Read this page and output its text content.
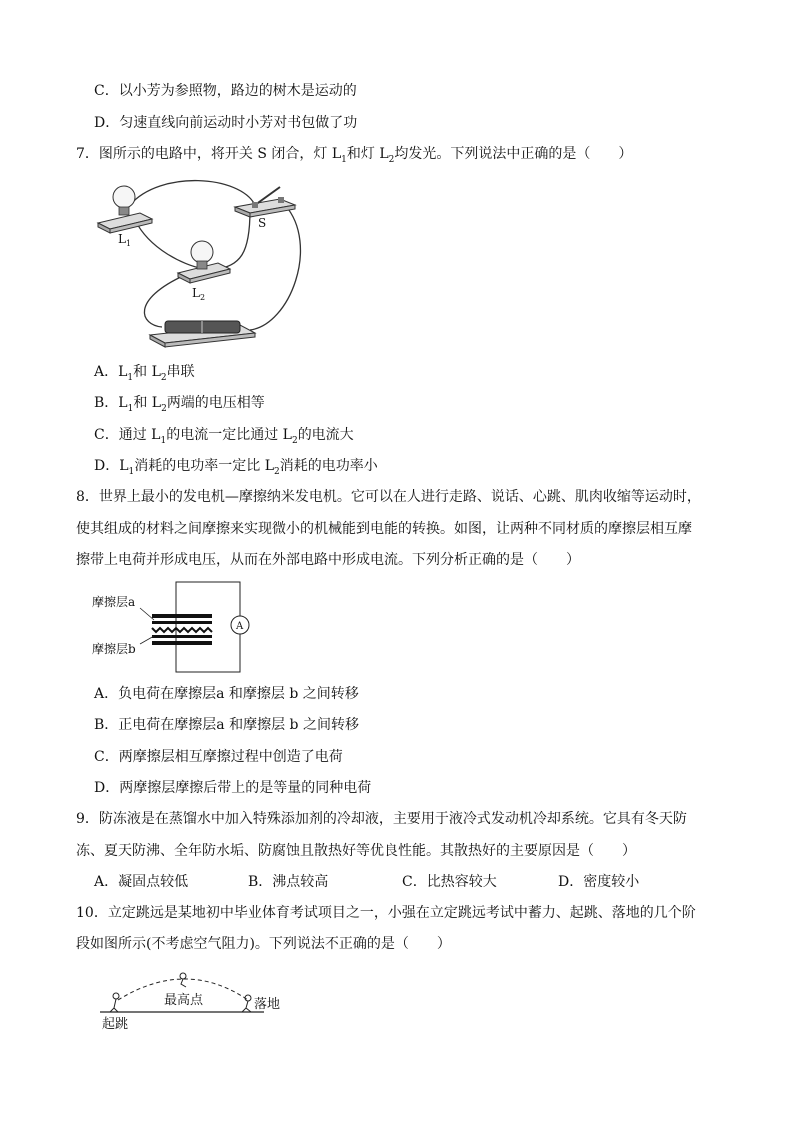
C．以小芳为参照物，路边的树木是运动的
D．匀速直线向前运动时小芳对书包做了功
7．图所示的电路中，将开关 S 闭合，灯 $L_1$和灯 $L_2$均发光。下列说法中正确的是（　　）
$L_1$
$L_2$
S
A．$L_1$和 $L_2$串联
B．$L_1$和 $L_2$两端的电压相等
C．通过 $L_1$的电流一定比通过 $L_2$的电流大
D．$L_1$消耗的电功率一定比 $L_2$消耗的电功率小
8．世界上最小的发电机—摩擦纳米发电机。它可以在人进行走路、说话、心跳、肌肉收缩等运动时，
使其组成的材料之间摩擦来实现微小的机械能到电能的转换。如图，让两种不同材质的摩擦层相互摩
擦带上电荷并形成电压，从而在外部电路中形成电流。下列分析正确的是（　　）
摩擦层a
摩擦层b
A
A．负电荷在摩擦层a 和摩擦层 b 之间转移
B．正电荷在摩擦层a 和摩擦层 b 之间转移
C．两摩擦层相互摩擦过程中创造了电荷
D．两摩擦层摩擦后带上的是等量的同种电荷
9．防冻液是在蒸馏水中加入特殊添加剂的冷却液，主要用于液冷式发动机冷却系统。它具有冬天防
冻、夏天防沸、全年防水垢、防腐蚀且散热好等优良性能。其散热好的主要原因是（　　）
A．凝固点较低	B．沸点较高	C．比热容较大	D．密度较小
10．立定跳远是某地初中毕业体育考试项目之一，小强在立定跳远考试中蓄力、起跳、落地的几个阶
段如图所示(不考虑空气阻力)。下列说法不正确的是（　　）
起跳
最高点	落地
